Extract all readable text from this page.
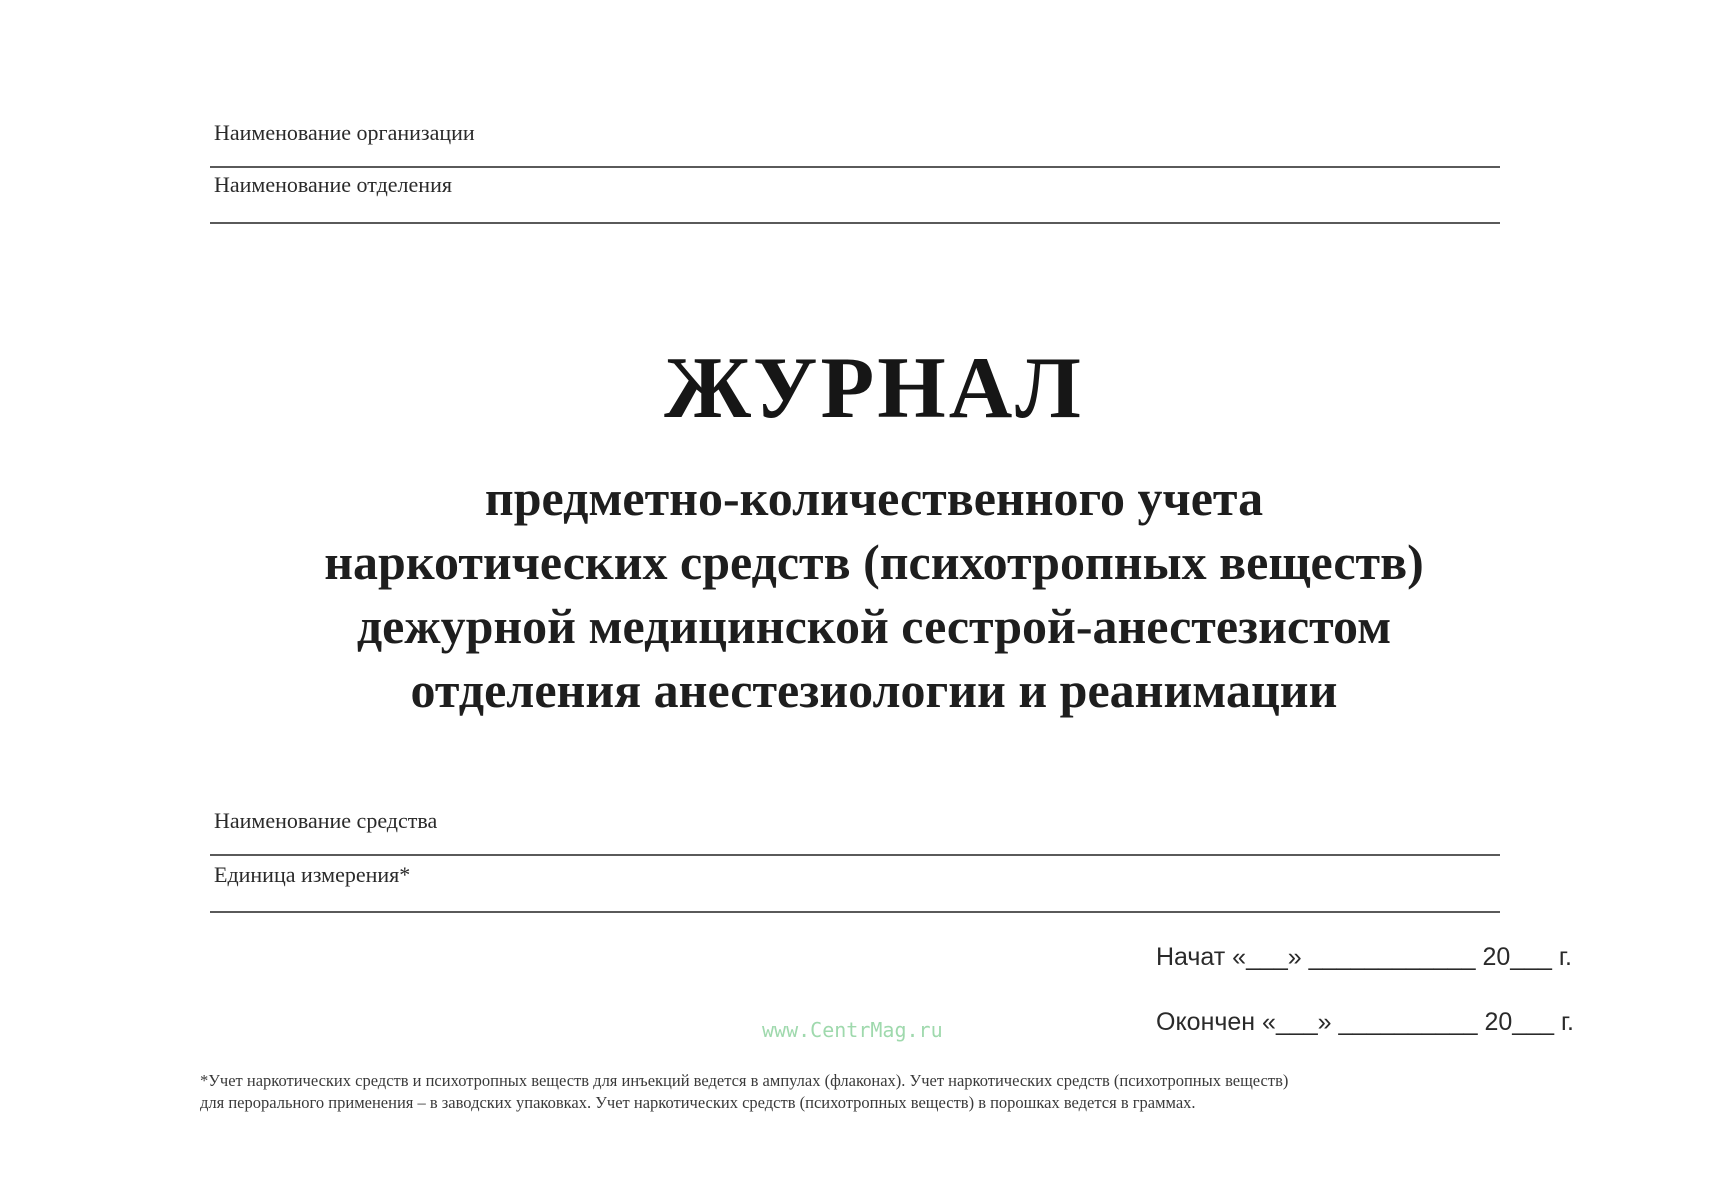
Наименование организации
Наименование отделения
ЖУРНАЛ
предметно-количественного учета
наркотических средств (психотропных веществ)
дежурной медицинской сестрой-анестезистом
отделения анестезиологии и реанимации
Наименование средства
Единица измерения*
Начат «___» ____________ 20___ г.
Окончен «___» __________ 20___ г.
www.CentrMag.ru
*Учет наркотических средств и психотропных веществ для инъекций ведется в ампулах (флаконах). Учет наркотических средств (психотропных веществ)
для перорального применения – в заводских упаковках. Учет наркотических средств (психотропных веществ) в порошках ведется в граммах.
